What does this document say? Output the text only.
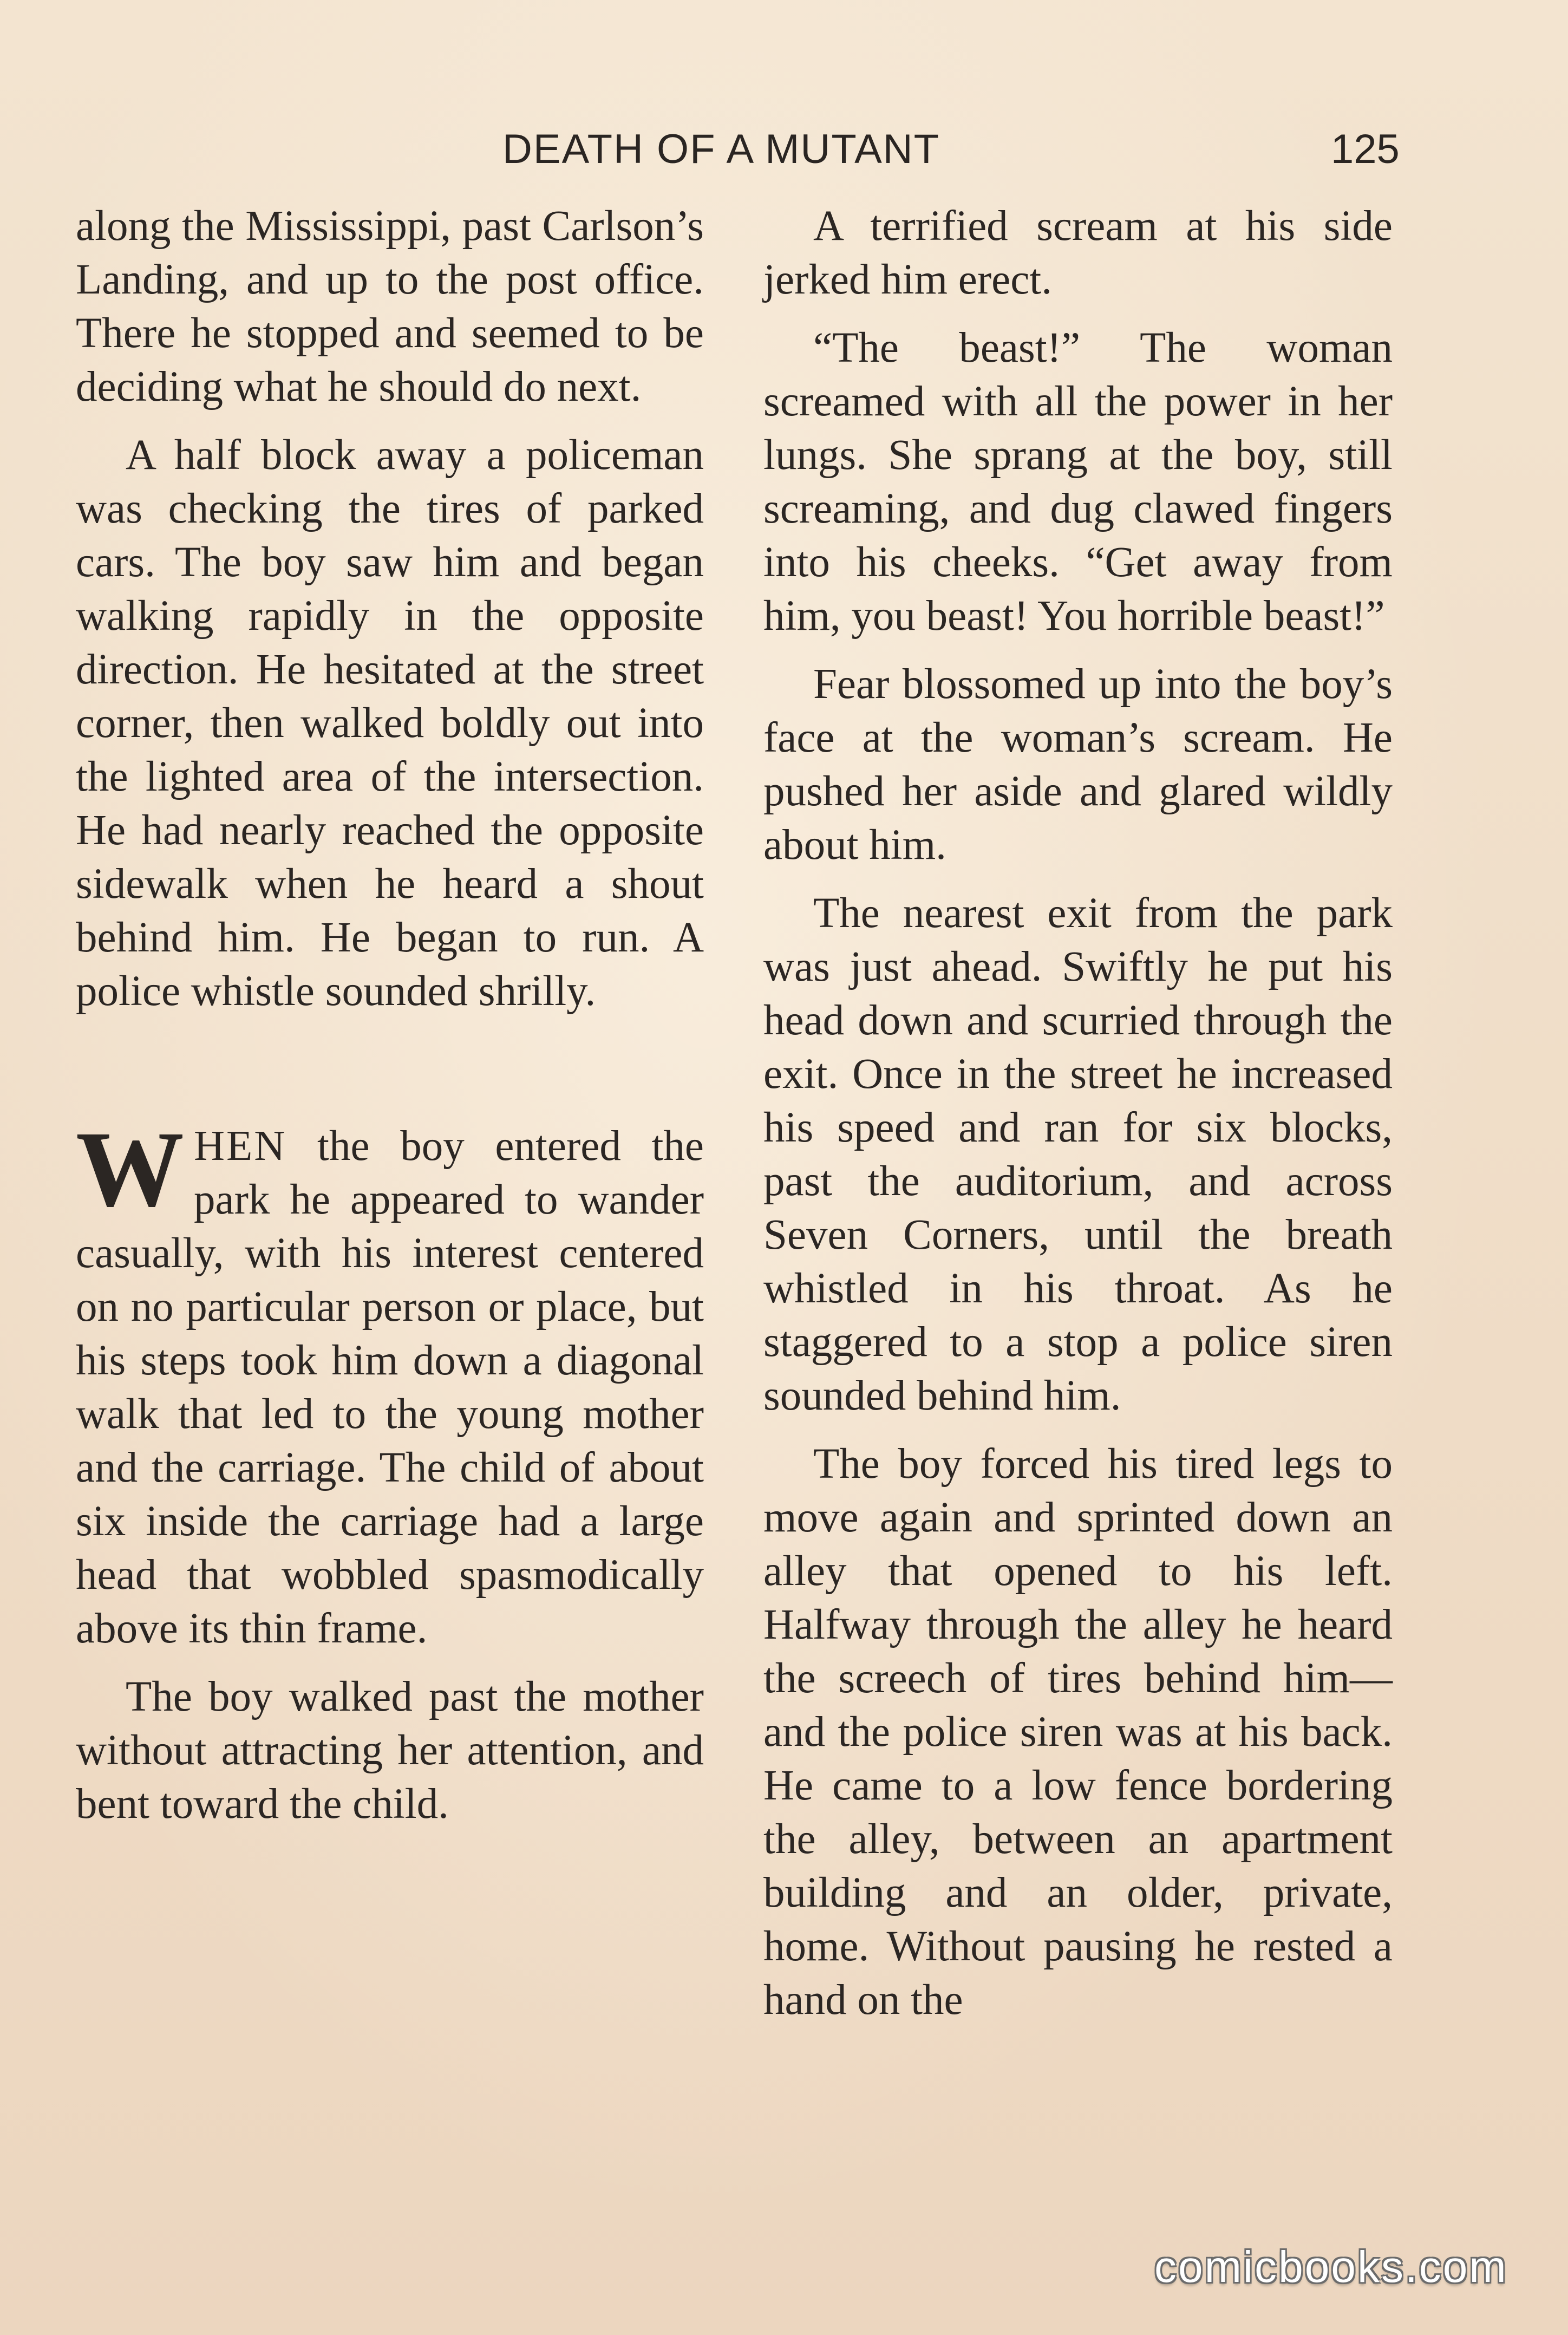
DEATH OF A MUTANT	125

along the Mississippi, past Carlson’s Landing, and up to the post office. There he stopped and seemed to be deciding what he should do next.

A half block away a policeman was checking the tires of parked cars. The boy saw him and began walking rapidly in the opposite direction. He hesitated at the street corner, then walked boldly out into the lighted area of the intersection. He had nearly reached the opposite sidewalk when he heard a shout behind him. He began to run. A police whistle sounded shrilly.

WHEN the boy entered the park he appeared to wander casually, with his interest centered on no particular person or place, but his steps took him down a diagonal walk that led to the young mother and the carriage. The child of about six inside the carriage had a large head that wobbled spasmodically above its thin frame.

The boy walked past the mother without attracting her attention, and bent toward the child.

A terrified scream at his side jerked him erect.

“The beast!” The woman screamed with all the power in her lungs. She sprang at the boy, still screaming, and dug clawed fingers into his cheeks. “Get away from him, you beast! You horrible beast!”

Fear blossomed up into the boy’s face at the woman’s scream. He pushed her aside and glared wildly about him.

The nearest exit from the park was just ahead. Swiftly he put his head down and scurried through the exit. Once in the street he increased his speed and ran for six blocks, past the auditorium, and across Seven Corners, until the breath whistled in his throat. As he staggered to a stop a police siren sounded behind him.

The boy forced his tired legs to move again and sprinted down an alley that opened to his left. Halfway through the alley he heard the screech of tires behind him—and the police siren was at his back. He came to a low fence bordering the alley, between an apartment building and an older, private, home. Without pausing he rested a hand on the

comicbooks.com
